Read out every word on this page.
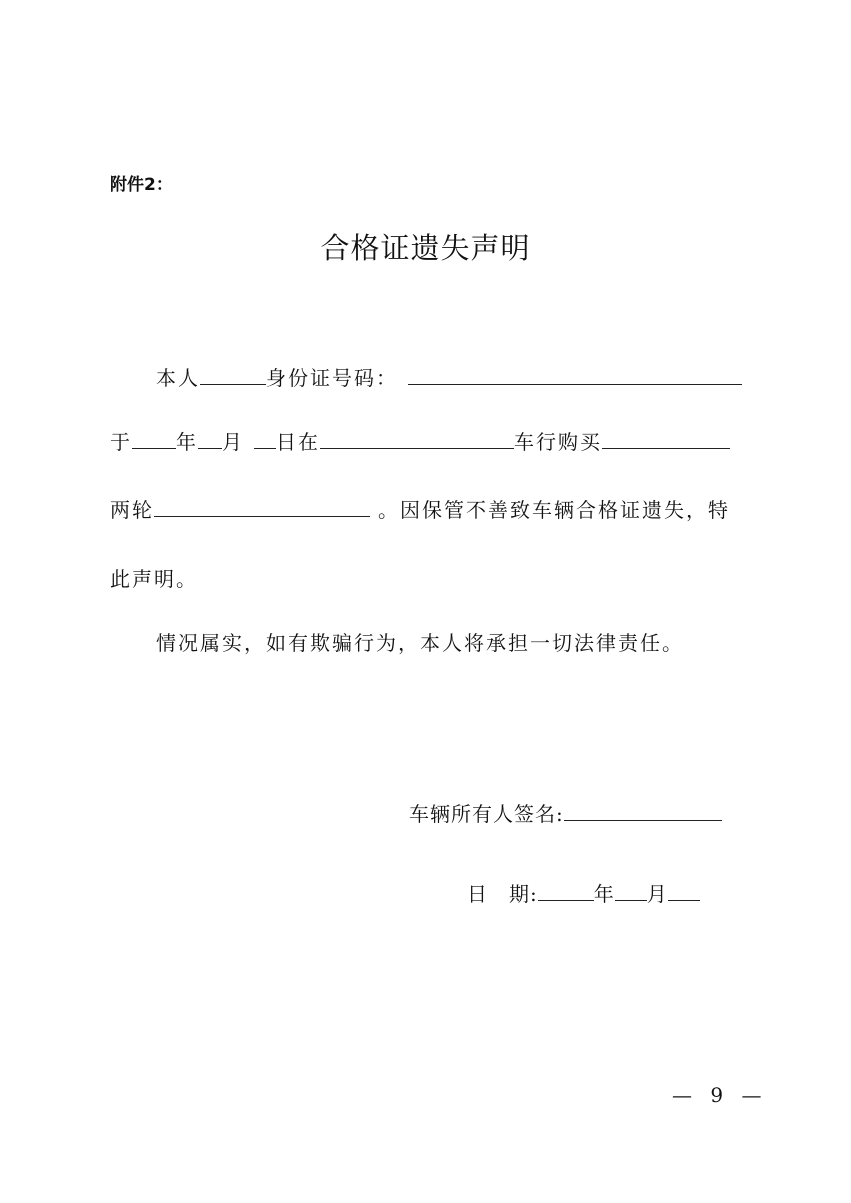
附件2：
合格证遗失声明
本人	身份证号码：
于 年 月 日在	车行购买
两轮	。因保管不善致车辆合格证遗失，特
此声明。
情况属实，如有欺骗行为，本人将承担一切法律责任。
车辆所有人签名:
日　期:	年 月
— 9 —
